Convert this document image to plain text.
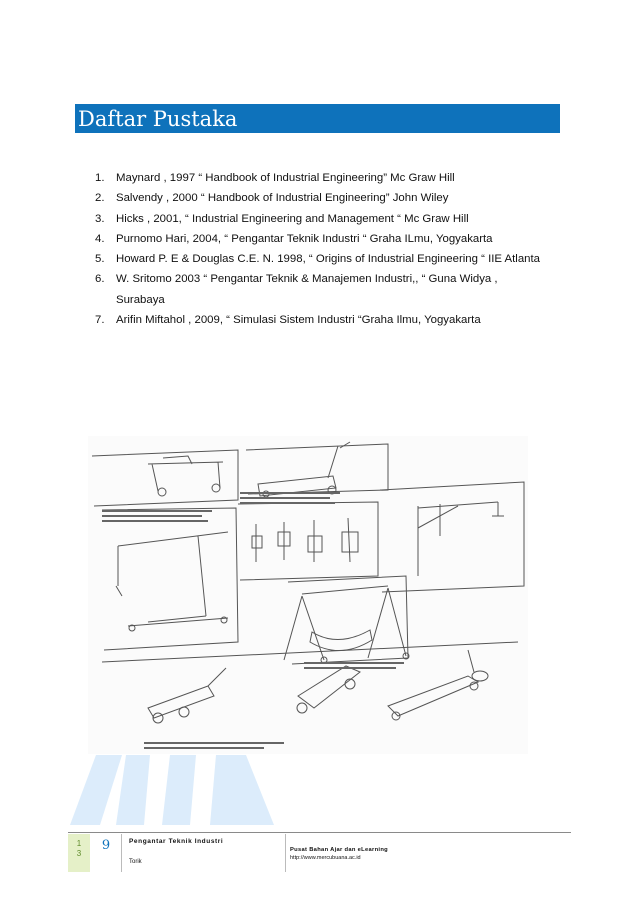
Daftar Pustaka
1.	Maynard , 1997 “ Handbook of Industrial Engineering” Mc Graw Hill
2.	Salvendy , 2000 “ Handbook of Industrial Engineering” John Wiley
3.	Hicks , 2001, “ Industrial Engineering and Management “ Mc Graw Hill
4.	Purnomo Hari, 2004, “ Pengantar Teknik Industri “ Graha ILmu, Yogyakarta
5.	Howard P. E & Douglas C.E. N. 1998, “ Origins of Industrial Engineering “ IIE Atlanta
6.	W. Sritomo 2003 “ Pengantar Teknik & Manajemen Industri,, “ Guna Widya ,
Surabaya
7.	Arifin Miftahol , 2009, “ Simulasi Sistem Industri “Graha Ilmu, Yogyakarta
1
3
9	Pengantar Teknik Industri
Torik
Pusat Bahan Ajar dan eLearning
http://www.mercubuana.ac.id
